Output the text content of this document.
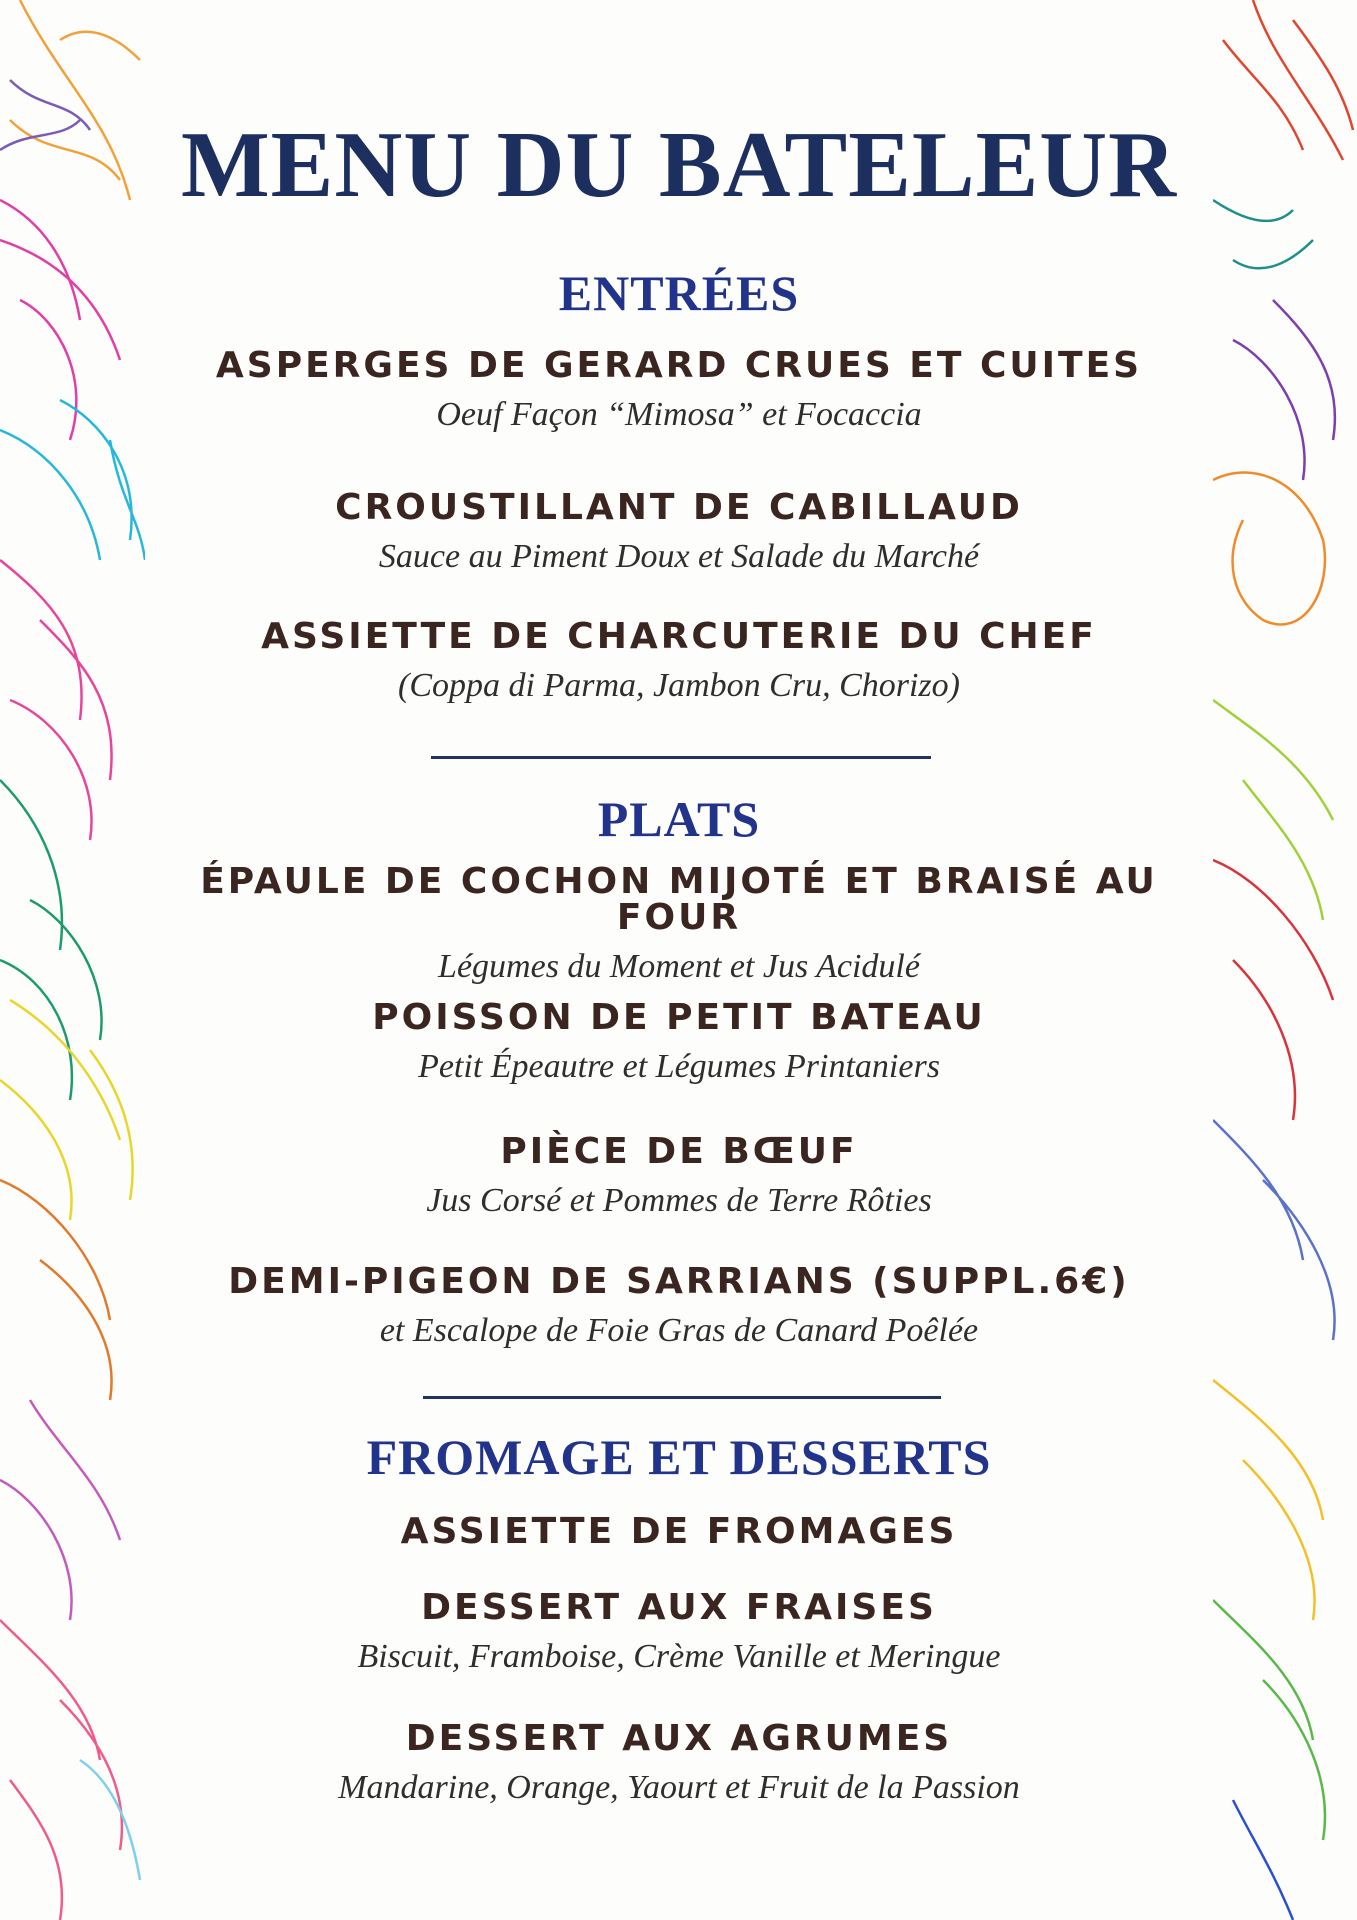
MENU DU BATELEUR
ENTRÉES
ASPERGES DE GERARD CRUES ET CUITES
Oeuf Façon “Mimosa” et Focaccia
CROUSTILLANT DE CABILLAUD
Sauce au Piment Doux et Salade du Marché
ASSIETTE DE CHARCUTERIE DU CHEF
(Coppa di Parma, Jambon Cru, Chorizo)
PLATS
ÉPAULE DE COCHON MIJOTÉ ET BRAISÉ AU FOUR
Légumes du Moment et Jus Acidulé
POISSON DE PETIT BATEAU
Petit Épeautre et Légumes Printaniers
PIÈCE DE BŒUF
Jus Corsé et Pommes de Terre Rôties
DEMI-PIGEON DE SARRIANS (SUPPL.6€)
et Escalope de Foie Gras de Canard Poêlée
FROMAGE ET DESSERTS
ASSIETTE DE FROMAGES
DESSERT AUX FRAISES
Biscuit, Framboise, Crème Vanille et Meringue
DESSERT AUX AGRUMES
Mandarine, Orange, Yaourt et Fruit de la Passion
